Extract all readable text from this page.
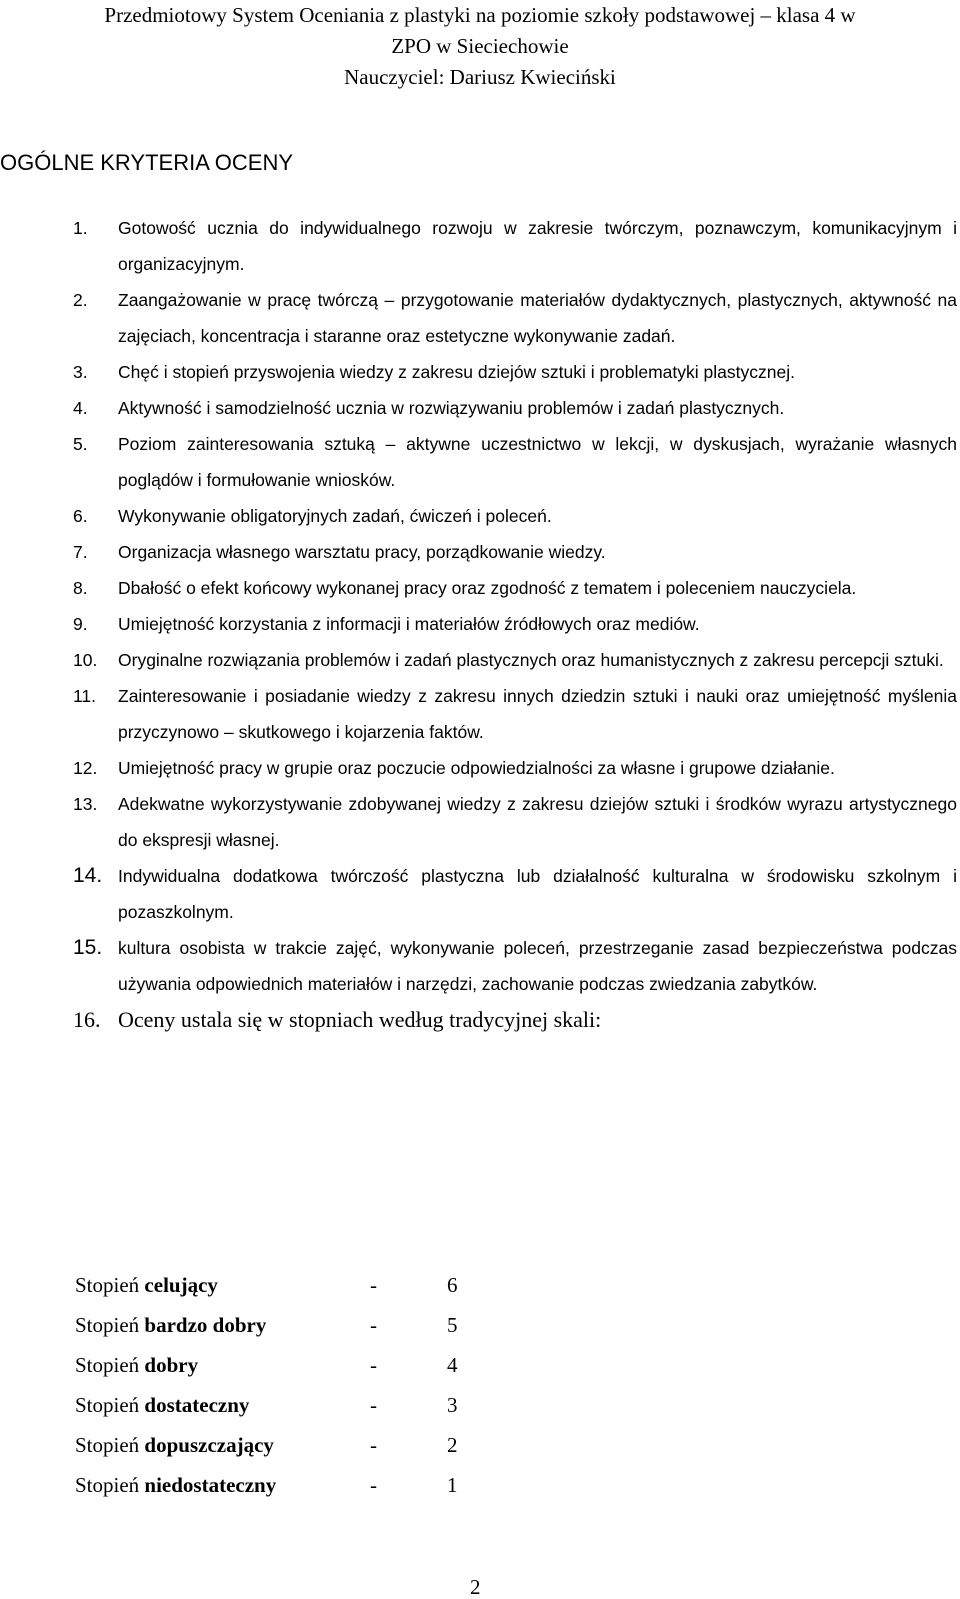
Przedmiotowy System Oceniania z plastyki na poziomie szkoły podstawowej – klasa 4 w
ZPO w Sieciechowie
Nauczyciel: Dariusz Kwieciński
OGÓLNE KRYTERIA OCENY
1. Gotowość ucznia do indywidualnego rozwoju w zakresie twórczym, poznawczym, komunikacyjnym i organizacyjnym.
2. Zaangażowanie w pracę twórczą – przygotowanie materiałów dydaktycznych, plastycznych, aktywność na zajęciach, koncentracja i staranne oraz estetyczne wykonywanie zadań.
3. Chęć i stopień przyswojenia wiedzy z zakresu dziejów sztuki i problematyki plastycznej.
4. Aktywność i samodzielność ucznia w rozwiązywaniu problemów i zadań plastycznych.
5. Poziom zainteresowania sztuką – aktywne uczestnictwo w lekcji, w dyskusjach, wyrażanie własnych poglądów i formułowanie wniosków.
6. Wykonywanie obligatoryjnych zadań, ćwiczeń i poleceń.
7. Organizacja własnego warsztatu pracy, porządkowanie wiedzy.
8. Dbałość o efekt końcowy wykonanej pracy oraz zgodność z tematem i poleceniem nauczyciela.
9. Umiejętność korzystania z informacji i materiałów źródłowych oraz mediów.
10. Oryginalne rozwiązania problemów i zadań plastycznych oraz humanistycznych z zakresu percepcji sztuki.
11. Zainteresowanie i posiadanie wiedzy z zakresu innych dziedzin sztuki i nauki oraz umiejętność myślenia przyczynowo – skutkowego i kojarzenia faktów.
12. Umiejętność pracy w grupie oraz poczucie odpowiedzialności za własne i grupowe działanie.
13. Adekwatne wykorzystywanie zdobywanej wiedzy z zakresu dziejów sztuki i środków wyrazu artystycznego do ekspresji własnej.
14. Indywidualna dodatkowa twórczość plastyczna lub działalność kulturalna w środowisku szkolnym i pozaszkolnym.
15. kultura osobista w trakcie zajęć, wykonywanie poleceń, przestrzeganie zasad bezpieczeństwa podczas używania odpowiednich materiałów i narzędzi, zachowanie podczas zwiedzania zabytków.
16. Oceny ustala się w stopniach według tradycyjnej skali:
Stopień celujący	-	6
Stopień bardzo dobry	-	5
Stopień dobry	-	4
Stopień dostateczny	-	3
Stopień dopuszczający	-	2
Stopień niedostateczny	-	1
2
